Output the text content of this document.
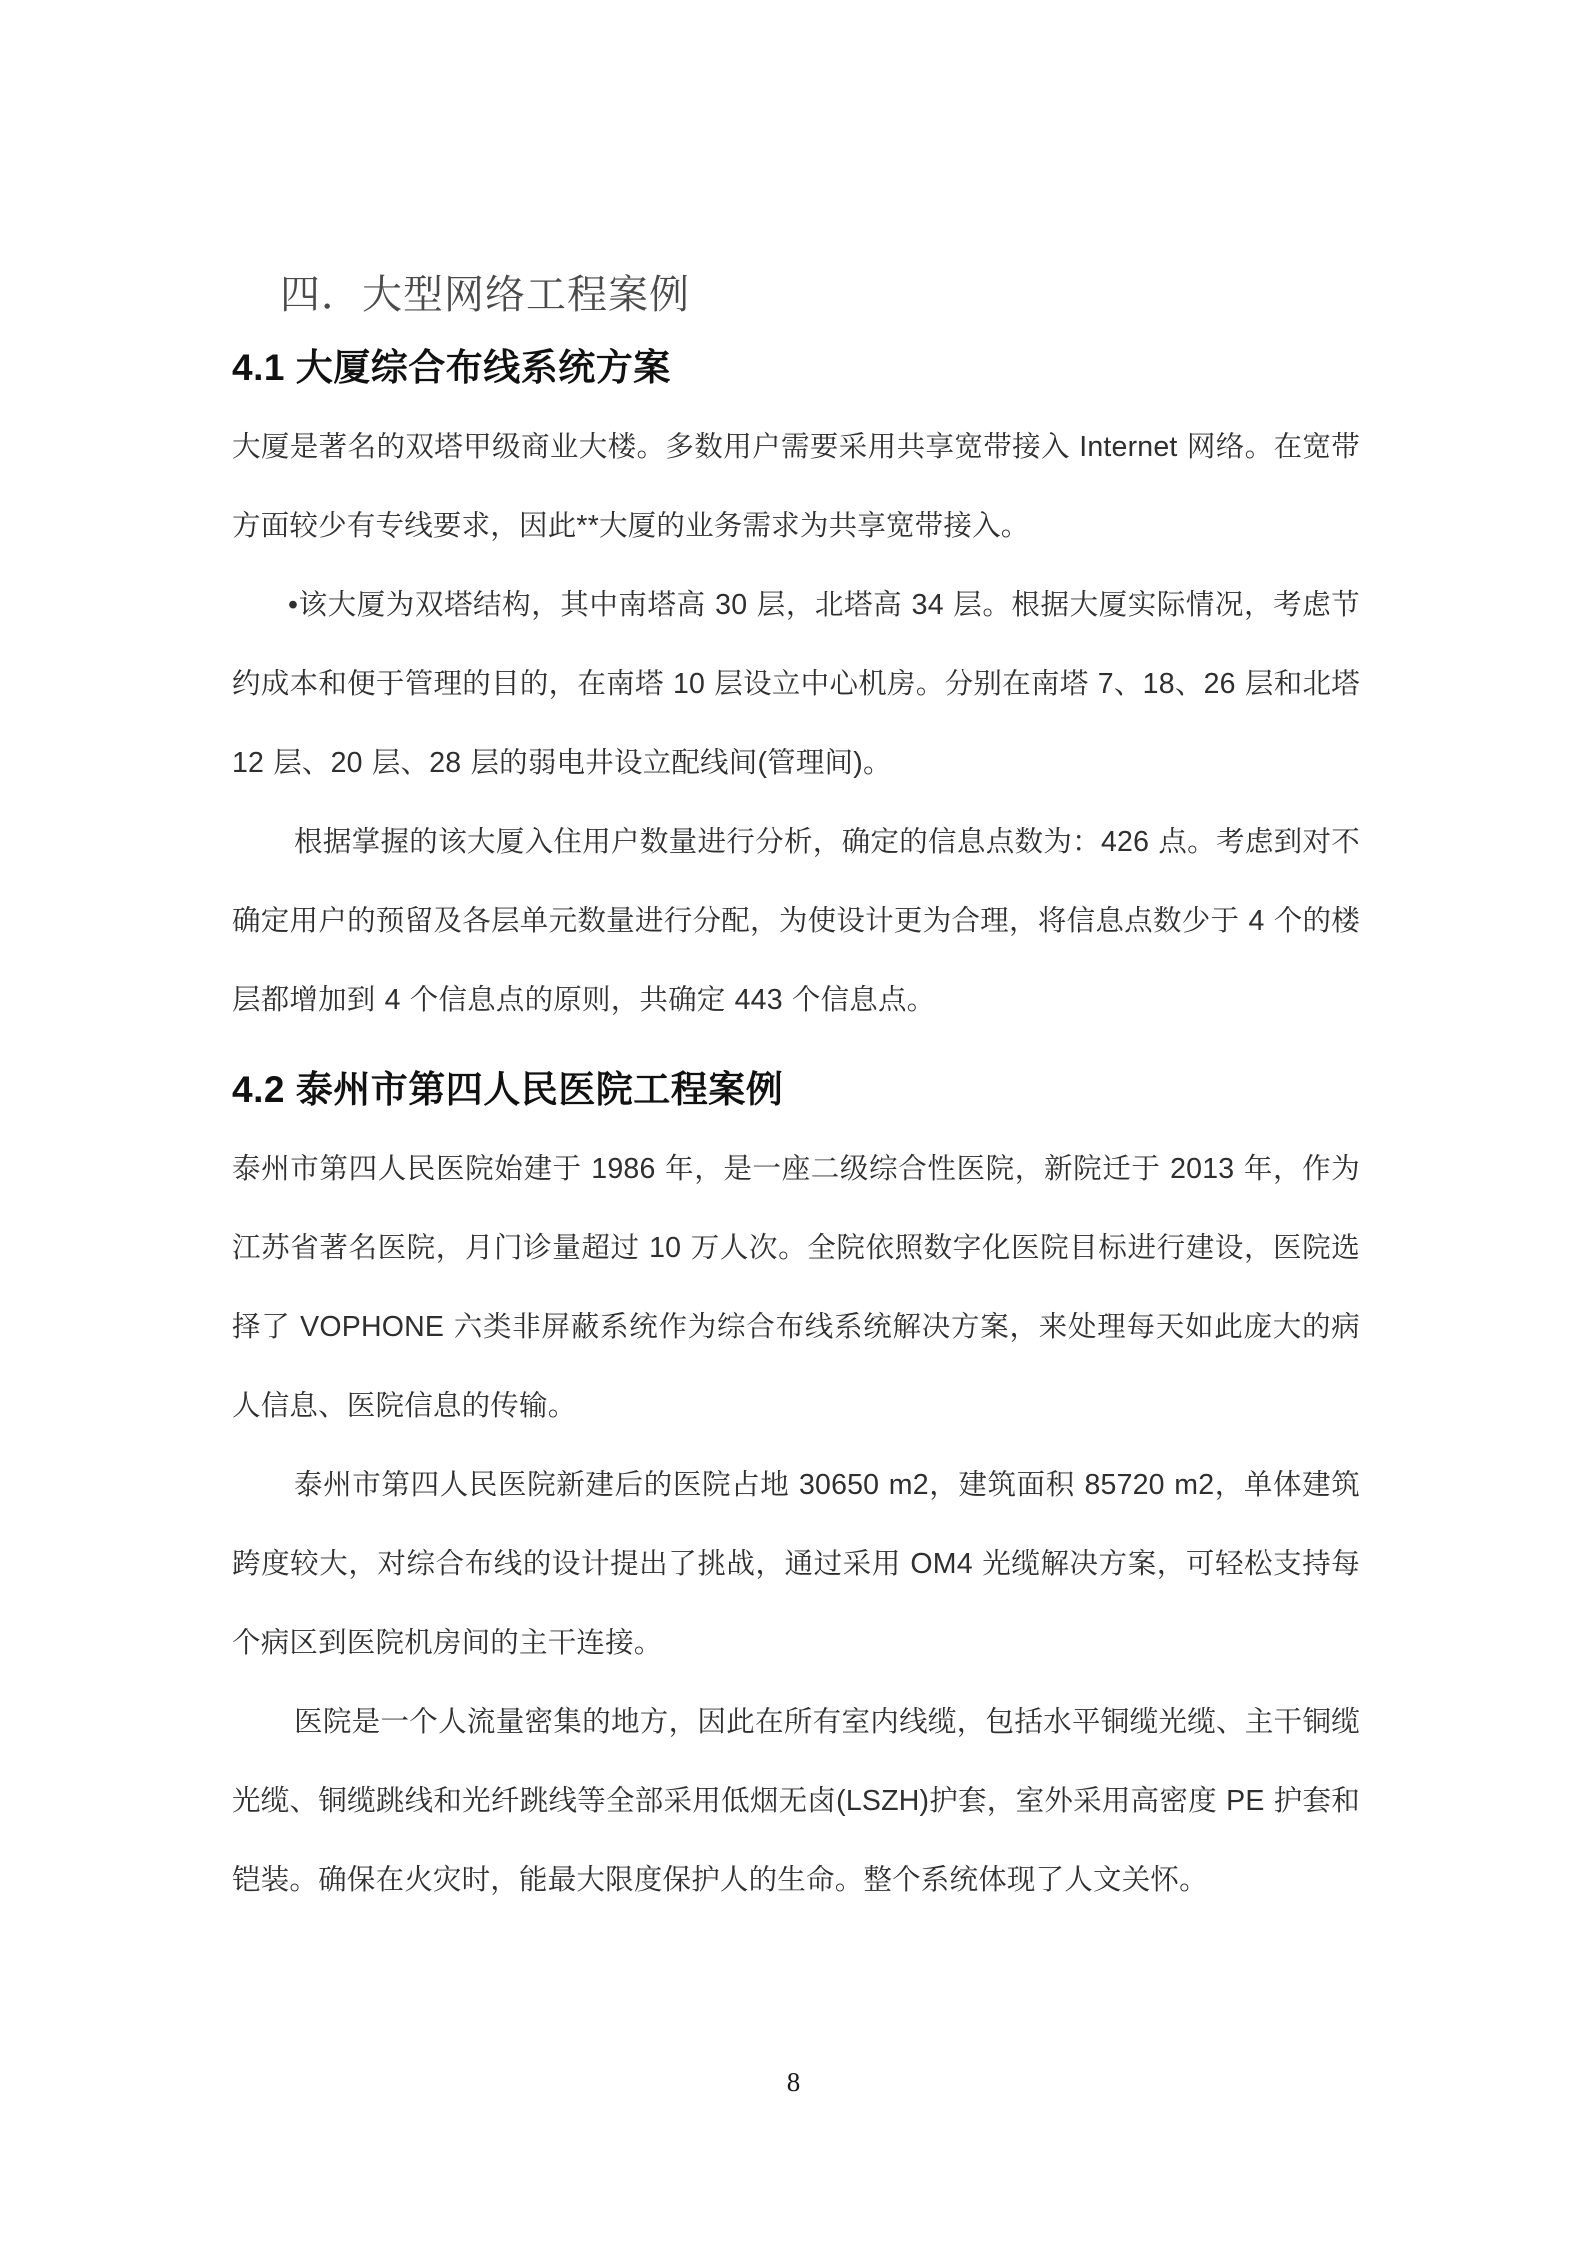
四．大型网络工程案例
4.1 大厦综合布线系统方案

大厦是著名的双塔甲级商业大楼。多数用户需要采用共享宽带接入 Internet 网络。在宽带方面较少有专线要求，因此**大厦的业务需求为共享宽带接入。

•该大厦为双塔结构，其中南塔高 30 层，北塔高 34 层。根据大厦实际情况，考虑节约成本和便于管理的目的，在南塔 10 层设立中心机房。分别在南塔 7、18、26 层和北塔 12 层、20 层、28 层的弱电井设立配线间(管理间)。

根据掌握的该大厦入住用户数量进行分析，确定的信息点数为：426 点。考虑到对不确定用户的预留及各层单元数量进行分配，为使设计更为合理，将信息点数少于 4 个的楼层都增加到 4 个信息点的原则，共确定 443 个信息点。

4.2 泰州市第四人民医院工程案例

泰州市第四人民医院始建于 1986 年，是一座二级综合性医院，新院迁于 2013 年，作为江苏省著名医院，月门诊量超过 10 万人次。全院依照数字化医院目标进行建设，医院选择了 VOPHONE 六类非屏蔽系统作为综合布线系统解决方案，来处理每天如此庞大的病人信息、医院信息的传输。

泰州市第四人民医院新建后的医院占地 30650 m2，建筑面积 85720 m2，单体建筑跨度较大，对综合布线的设计提出了挑战，通过采用 OM4 光缆解决方案，可轻松支持每个病区到医院机房间的主干连接。

医院是一个人流量密集的地方，因此在所有室内线缆，包括水平铜缆光缆、主干铜缆光缆、铜缆跳线和光纤跳线等全部采用低烟无卤(LSZH)护套，室外采用高密度 PE 护套和铠装。确保在火灾时，能最大限度保护人的生命。整个系统体现了人文关怀。

8
